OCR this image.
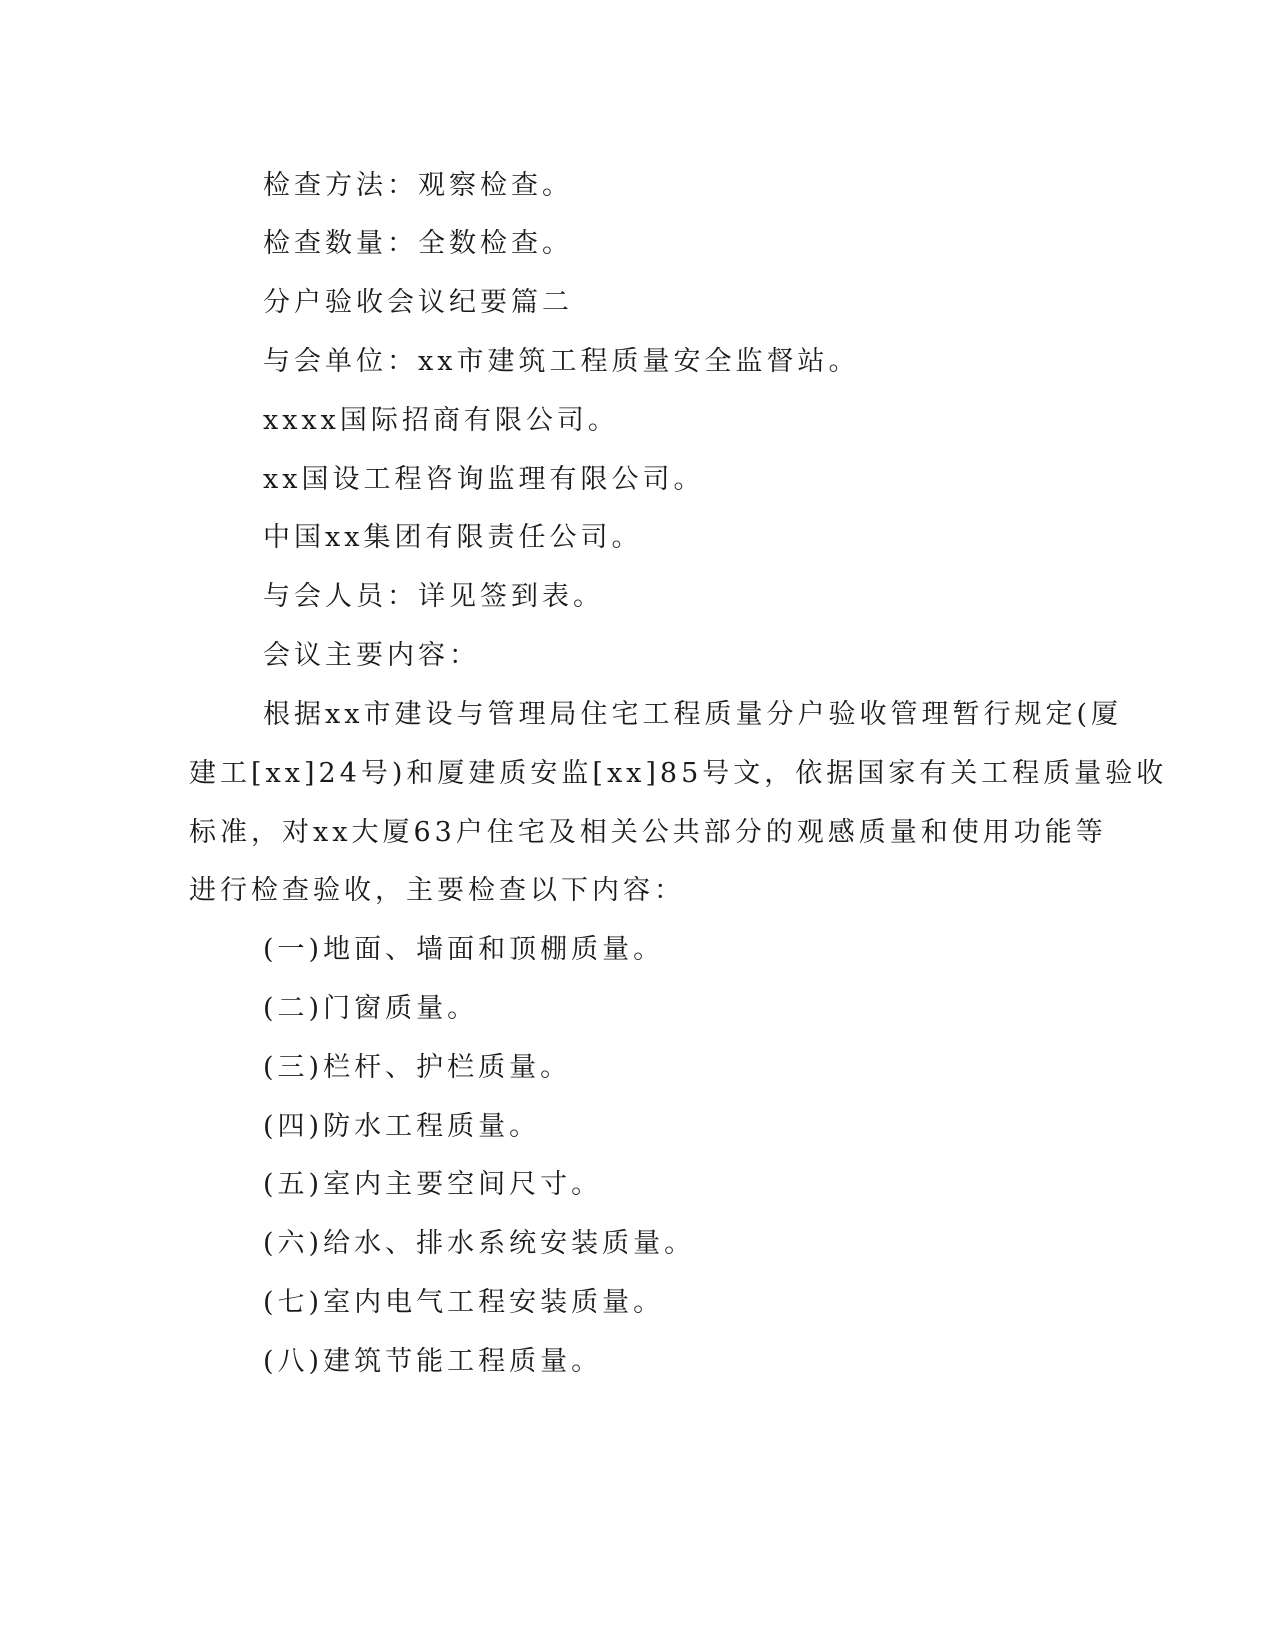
检查方法：观察检查。
检查数量：全数检查。
分户验收会议纪要篇二
与会单位：xx市建筑工程质量安全监督站。
xxxx国际招商有限公司。
xx国设工程咨询监理有限公司。
中国xx集团有限责任公司。
与会人员：详见签到表。
会议主要内容：
根据xx市建设与管理局住宅工程质量分户验收管理暂行规定(厦
建工[xx]24号)和厦建质安监[xx]85号文，依据国家有关工程质量验收
标准，对xx大厦63户住宅及相关公共部分的观感质量和使用功能等
进行检查验收，主要检查以下内容：
(一)地面、墙面和顶棚质量。
(二)门窗质量。
(三)栏杆、护栏质量。
(四)防水工程质量。
(五)室内主要空间尺寸。
(六)给水、排水系统安装质量。
(七)室内电气工程安装质量。
(八)建筑节能工程质量。
